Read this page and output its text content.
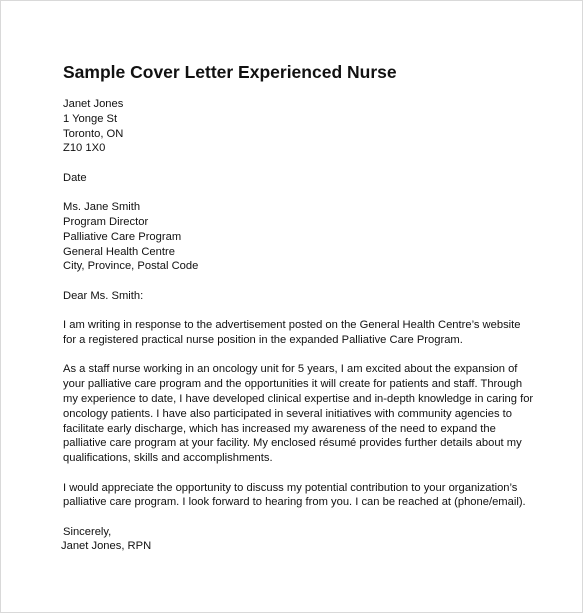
Sample Cover Letter Experienced Nurse
Janet Jones
1 Yonge St
Toronto, ON
Z10 1X0
Date
Ms. Jane Smith
Program Director
Palliative Care Program
General Health Centre
City, Province, Postal Code
Dear Ms. Smith:
I am writing in response to the advertisement posted on the General Health Centre’s website
for a registered practical nurse position in the expanded Palliative Care Program.
As a staff nurse working in an oncology unit for 5 years, I am excited about the expansion of
your palliative care program and the opportunities it will create for patients and staff. Through
my experience to date, I have developed clinical expertise and in-depth knowledge in caring for
oncology patients. I have also participated in several initiatives with community agencies to
facilitate early discharge, which has increased my awareness of the need to expand the
palliative care program at your facility. My enclosed résumé provides further details about my
qualifications, skills and accomplishments.
I would appreciate the opportunity to discuss my potential contribution to your organization’s
palliative care program. I look forward to hearing from you. I can be reached at (phone/email).
Sincerely,
Janet Jones, RPN
